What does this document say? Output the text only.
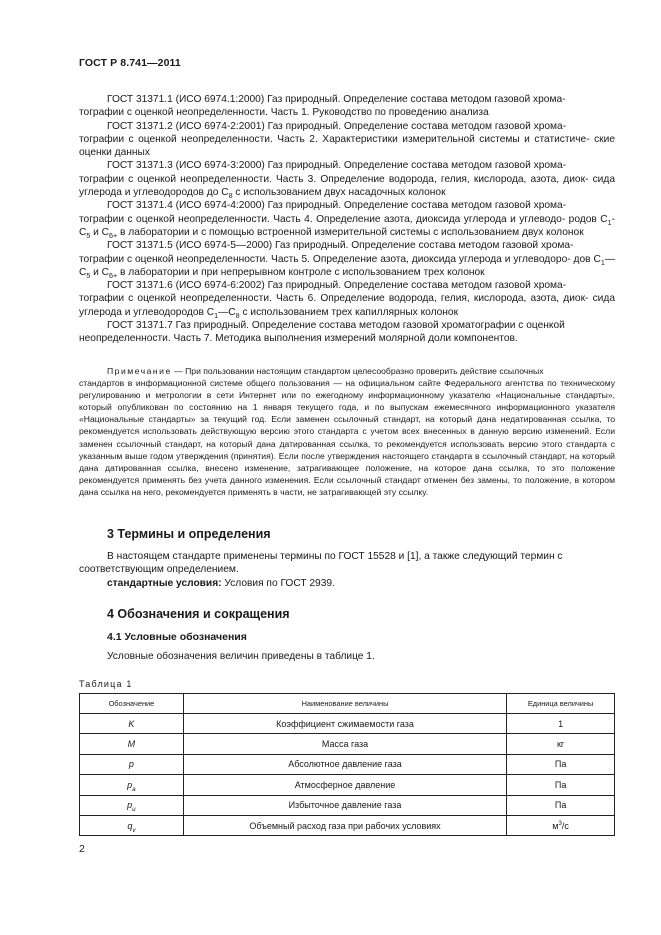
ГОСТ Р 8.741—2011

ГОСТ 31371.1 (ИСО 6974.1:2000) Газ природный. Определение состава методом газовой хрома-

тографии с оценкой неопределенности. Часть 1. Руководство по проведению анализа

ГОСТ 31371.2 (ИСО 6974-2:2001) Газ природный. Определение состава методом газовой хрома-

тографии с оценкой неопределенности. Часть 2. Характеристики измерительной системы и статистиче- ские оценки данных

ГОСТ 31371.3 (ИСО 6974-3:2000) Газ природный. Определение состава методом газовой хрома-

тографии с оценкой неопределенности. Часть 3. Определение водорода, гелия, кислорода, азота, диок- сида углерода и углеводородов до $C_8$ с использованием двух насадочных колонок

ГОСТ 31371.4 (ИСО 6974-4:2000) Газ природный. Определение состава методом газовой хрома-

тографии с оценкой неопределенности. Часть 4. Определение азота, диоксида углерода и углеводо- родов $C_1-C_5$ и $C_{6+}$ в лаборатории и с помощью встроенной измерительной системы с использованием двух колонок

ГОСТ 31371.5 (ИСО 6974-5—2000) Газ природный. Определение состава методом газовой хрома-

тографии с оценкой неопределенности. Часть 5. Определение азота, диоксида углерода и углеводоро- дов $C_1—C_5$ и $C_{6+}$ в лаборатории и при непрерывном контроле с использованием трех колонок

ГОСТ 31371.6 (ИСО 6974-6:2002) Газ природный. Определение состава методом газовой хрома-

тографии с оценкой неопределенности. Часть 6. Определение водорода, гелия, кислорода, азота, диок- сида углерода и углеводородов $C_1—C_8$ с использованием трех капиллярных колонок

ГОСТ 31371.7 Газ природный. Определение состава методом газовой хроматографии с оценкой

неопределенности. Часть 7. Методика выполнения измерений молярной доли компонентов.

Примечание — При пользовании настоящим стандартом целесообразно проверить действие ссылочных

стандартов в информационной системе общего пользования — на официальном сайте Федерального агентства по техническому регулированию и метрологии в сети Интернет или по ежегодному информационному указателю «Национальные стандарты», который опубликован по состоянию на 1 января текущего года, и по выпускам ежемесячного информационного указателя «Национальные стандарты» за текущий год. Если заменен ссылочный стандарт, на который дана недатированная ссылка, то рекомендуется использовать действующую версию этого стандарта с учетом всех внесенных в данную версию изменений. Если заменен ссылочный стандарт, на который дана датированная ссылка, то рекомендуется использовать версию этого стандарта с указанным выше годом утверждения (принятия). Если после утверждения настоящего стандарта в ссылочный стандарт, на который дана датированная ссылка, внесено изменение, затрагивающее положение, на которое дана ссылка, то это положение рекомендуется применять без учета данного изменения. Если ссылочный стандарт отменен без замены, то положение, в котором дана ссылка на него, рекомендуется применять в части, не затрагивающей эту ссылку.

3 Термины и определения

В настоящем стандарте применены термины по ГОСТ 15528 и [1], а также следующий термин с

соответствующим определением.

стандартные условия: Условия по ГОСТ 2939.

4 Обозначения и сокращения
4.1 Условные обозначения

Условные обозначения величин приведены в таблице 1.

Таблица 1
Обозначение	Наименование величины	Единица величины
K	Коэффициент сжимаемости газа	1
M	Масса газа	кг
p	Абсолютное давление газа	Па
$p_a$	Атмосферное давление	Па
$p_и$	Избыточное давление газа	Па
$q_v$	Объемный расход газа при рабочих условиях	$м^3/с$
2
